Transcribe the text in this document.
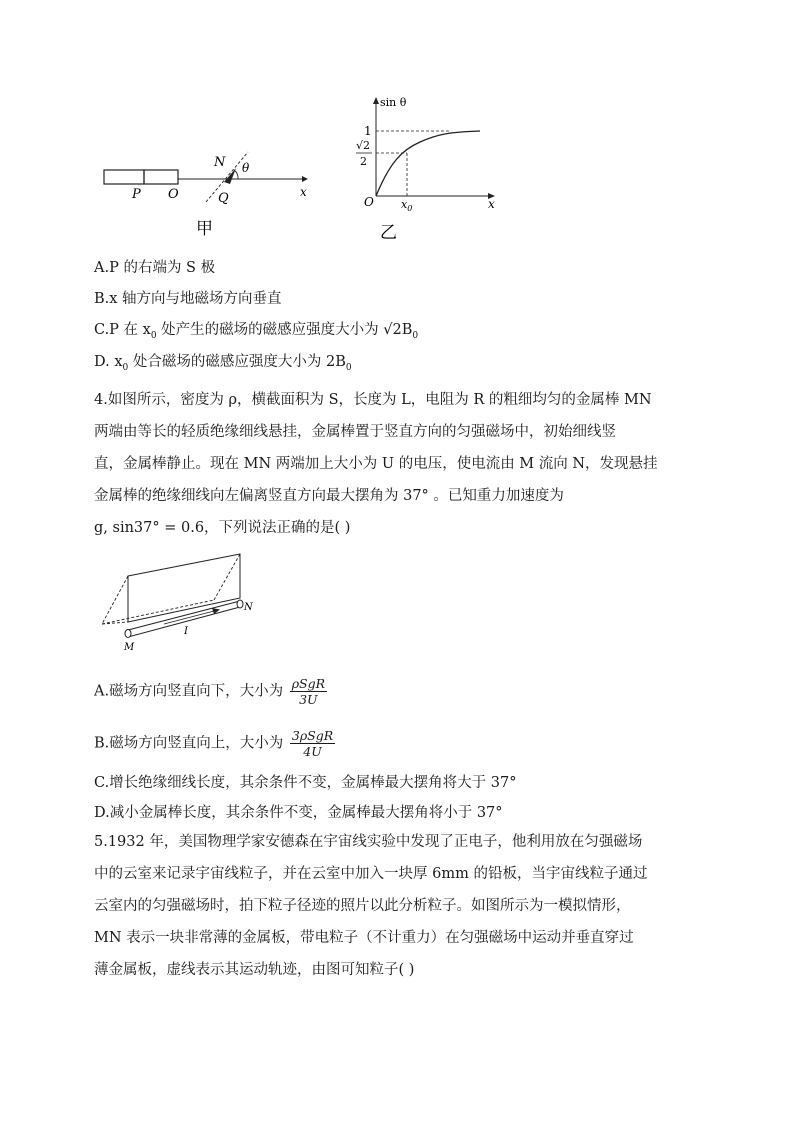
P O
N
Q
θ
x
甲
sin θ
1
√2
2
O $x_0$	x
乙
A.P 的右端为 S 极
B.x 轴方向与地磁场方向垂直
C.P 在 $x_0$ 处产生的磁场的磁感应强度大小为 $√2B_0$
D. $x_0$ 处合磁场的磁感应强度大小为 $2B_0$
4.如图所示，密度为 ρ，横截面积为 S，长度为 L，电阻为 R 的粗细均匀的金属棒 MN
两端由等长的轻质绝缘细线悬挂，金属棒置于竖直方向的匀强磁场中，初始细线竖
直，金属棒静止。现在 MN 两端加上大小为 U 的电压，使电流由 M 流向 N，发现悬挂
金属棒的绝缘细线向左偏离竖直方向最大摆角为 37° 。已知重力加速度为
g, sin37° = 0.6，下列说法正确的是( )
M
N
I
A.磁场方向竖直向下，大小为 $\frac{\text{ρSgR}}{3U}$
B.磁场方向竖直向上，大小为 $\frac{\text{3ρSgR}}{4U}$
C.增长绝缘细线长度，其余条件不变，金属棒最大摆角将大于 37°
D.减小金属棒长度，其余条件不变，金属棒最大摆角将小于 37°
5.1932 年，美国物理学家安德森在宇宙线实验中发现了正电子，他利用放在匀强磁场
中的云室来记录宇宙线粒子，并在云室中加入一块厚 6mm 的铅板，当宇宙线粒子通过
云室内的匀强磁场时，拍下粒子径迹的照片以此分析粒子。如图所示为一模拟情形，
MN 表示一块非常薄的金属板，带电粒子（不计重力）在匀强磁场中运动并垂直穿过
薄金属板，虚线表示其运动轨迹，由图可知粒子( )
